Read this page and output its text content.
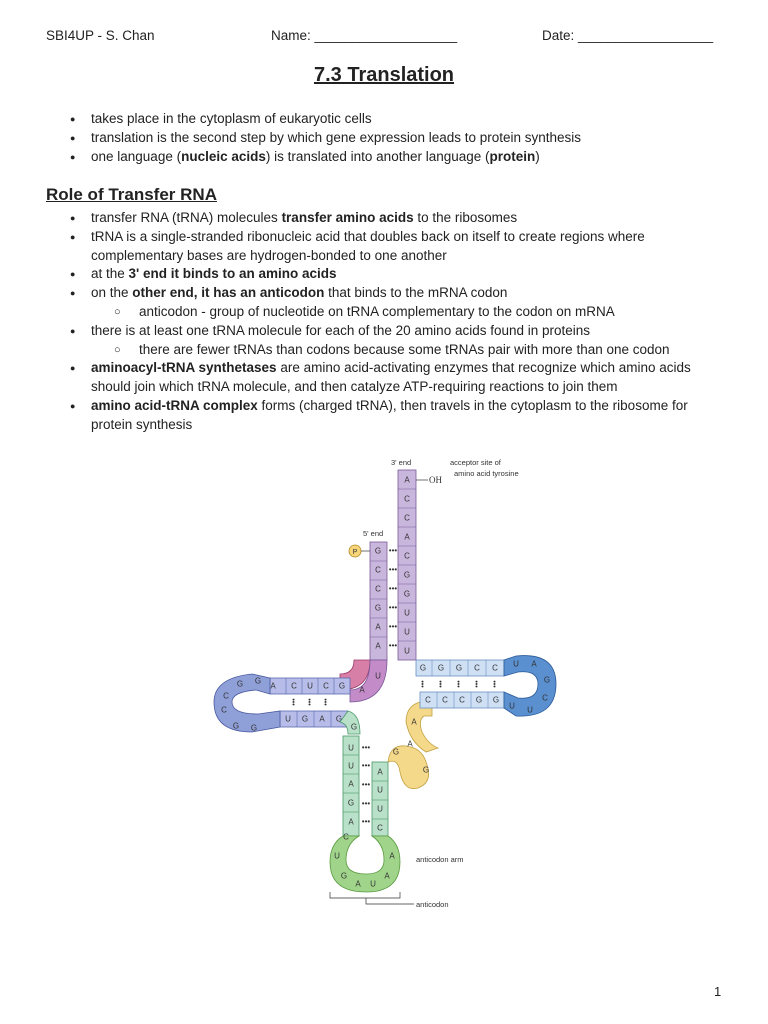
SBI4UP - S. Chan	Name: ___________________	Date: __________________
7.3 Translation
● takes place in the cytoplasm of eukaryotic cells
● translation is the second step by which gene expression leads to protein synthesis
● one language (nucleic acids) is translated into another language (protein)
Role of Transfer RNA
● transfer RNA (tRNA) molecules transfer amino acids to the ribosomes
● tRNA is a single-stranded ribonucleic acid that doubles back on itself to create regions where complementary bases are hydrogen-bonded to one another
● at the 3' end it binds to an amino acids
● on the other end, it has an anticodon that binds to the mRNA codon
○ anticodon - group of nucleotide on tRNA complementary to the codon on mRNA
● there is at least one tRNA molecule for each of the 20 amino acids found in proteins
○ there are fewer tRNAs than codons because some tRNAs pair with more than one codon
● aminoacyl-tRNA synthetases are amino acid-activating enzymes that recognize which amino acids should join which tRNA molecule, and then catalyze ATP-requiring reactions to join them
● amino acid-tRNA complex forms (charged tRNA), then travels in the cytoplasm to the ribosome for protein synthesis
A
C
C
A
C
G
G
U
U
U
G
C
C
G
A
A
•••
•••
•••
•••
•••
•••
U
A
C U C G
U G A G
••• ••• •••
G
G
C
C
G G
A
G
U
U
A
G
A
A
U
U
C
•••
•••
•••
•••
•••
C
U
G
A U
A
A
G
A
G
A
G G G C C
C C C G G
••• ••• ••• ••• •••
U A
G
C
U
U
3' end	acceptor site of
amino acid tyrosine
OH
5' end
P
anticodon arm
anticodon
1
